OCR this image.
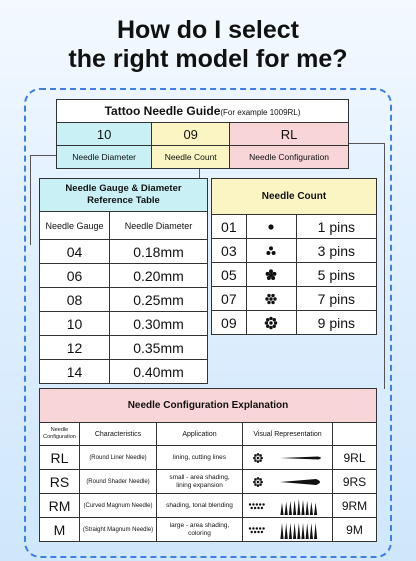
How do I select
the right model for me?
Tattoo Needle Guide(For example 1009RL)		
10	09	RL
Needle Diameter	Needle Count	Needle Configuration
Needle Gauge & Diameter
Reference Table	

Needle Gauge	Needle Diameter
04	0.18mm
06	0.20mm
08	0.25mm
10	0.30mm
12	0.35mm
14	0.40mm
Needle Count		
01		1 pins
03		3 pins
05		5 pins
07		7 pins
09		9 pins
Needle Configuration Explanation				
Needle Configuration	Characteristics	Application	Visual Representation	
RL	(Round Liner Needle)	lining, cutting lines		9RL
RS	(Round Shader Needle)	small - area shading,
lining expansion		9RS
RM	(Curved Magnum Needle)	shading, tonal blending		9RM
M	(Straight Magnum Needle)	large - area shading,
coloring		9M
